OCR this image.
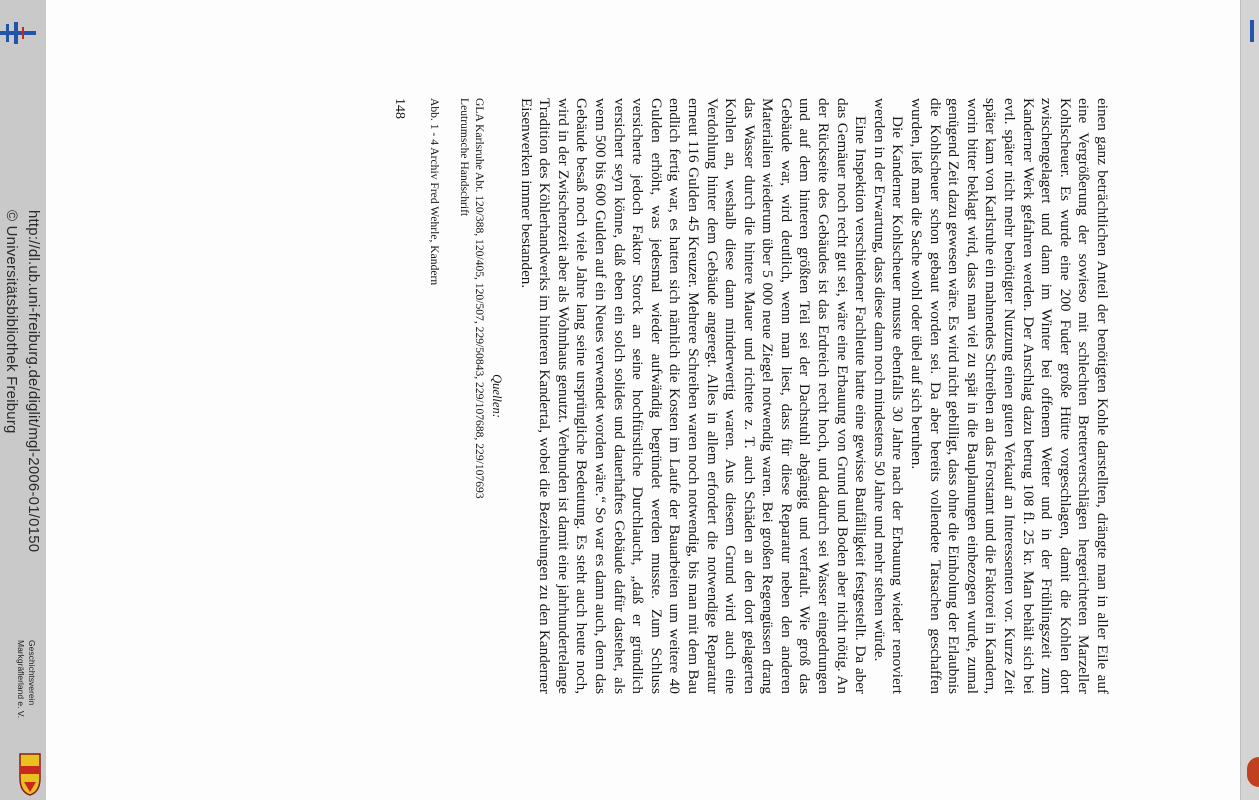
http://dl.ub.uni-freiburg.de/diglit/mgl-2006-01/0150
© Universitätsbibliothek Freiburg
Geschichtsverein
Markgräflerland e. V.	einen ganz beträchtlichen Anteil der benötigten Kohle darstellten, drängte man in aller Eile auf eine Vergrößerung der sowieso mit schlechten Bretterverschlägen hergerichteten Marzeller Kohlscheuer. Es wurde eine 200 Fuder große Hütte vorgeschlagen, damit die Kohlen dort zwischengelagert und dann im Winter bei offenem Wetter und in der Frühlingszeit zum Kanderner Werk gefahren werden. Der Anschlag dazu betrug 108 fl. 25 kr. Man behält sich bei evtl. später nicht mehr benötigter Nutzung einen guten Verkauf an Interessenten vor. Kurze Zeit später kam von Karlsruhe ein mahnendes Schreiben an das Forstamt und die Faktorei in Kandern, worin bitter beklagt wird, dass man viel zu spät in die Bauplanungen einbezogen wurde, zumal genügend Zeit dazu gewesen wäre. Es wird nicht gebilligt, dass ohne die Einholung der Erlaubnis die Kohlscheuer schon gebaut worden sei. Da aber bereits vollendete Tatsachen geschaffen wurden, ließ man die Sache wohl oder übel auf sich beruhen.

Die Kanderner Kohlscheuer musste ebenfalls 30 Jahre nach der Erbauung wieder renoviert werden in der Erwartung, dass diese dann noch mindestens 50 Jahre und mehr stehen würde.

Eine Inspektion verschiedener Fachleute hatte eine gewisse Baufälligkeit festgestellt. Da aber das Gemäuer noch recht gut sei, wäre eine Erbauung von Grund und Boden aber nicht nötig. An der Rückseite des Gebäudes ist das Erdreich recht hoch, und dadurch sei Wasser eingedrungen und auf dem hinteren größten Teil sei der Dachstuhl abgängig und verfault. Wie groß das Gebäude war, wird deutlich, wenn man liest, dass für diese Reparatur neben den anderen Materialien wiederum über 5 000 neue Ziegel notwendig waren. Bei großen Regengüssen drang das Wasser durch die hintere Mauer und richtete z. T. auch Schäden an den dort gelagerten Kohlen an, weshalb diese dann minderwertig waren. Aus diesem Grund wird auch eine Verdohlung hinter dem Gebäude angeregt. Alles in allem erfordert die notwendige Reparatur erneut 116 Gulden 45 Kreuzer. Mehrere Schreiben waren noch notwendig, bis man mit dem Bau endlich fertig war, es hatten sich nämlich die Kosten im Laufe der Bauarbeiten um weitere 40 Gulden erhöht, was jedesmal wieder aufwändig begründet werden musste. Zum Schluss versicherte jedoch Faktor Storck an seine hochfürstliche Durchlaucht, „daß er gründlich versichert seyn könne, daß eben ein solch solides und dauerhaftes Gebäude dafür dastehet, als wenn 500 bis 600 Gulden auf ein Neues verwendet worden wäre.“ So war es dann auch, denn das Gebäude besaß noch viele Jahre lang seine ursprüngliche Bedeutung. Es steht auch heute noch, wird in der Zwischenzeit aber als Wohnhaus genutzt. Verbunden ist damit eine jahrhundertelange Tradition des Köhlerhandwerks im hinteren Kandertal, wobei die Beziehungen zu den Kanderner Eisenwerken immer bestanden.

Quellen:
GLA Karlsruhe Abt. 120/388, 120/405, 120/507, 229/50843, 229/107688, 229/107693
Leutrumsche Handschrift
Abb. 1 - 4 Archiv Fred Wehrle, Kandern
148
